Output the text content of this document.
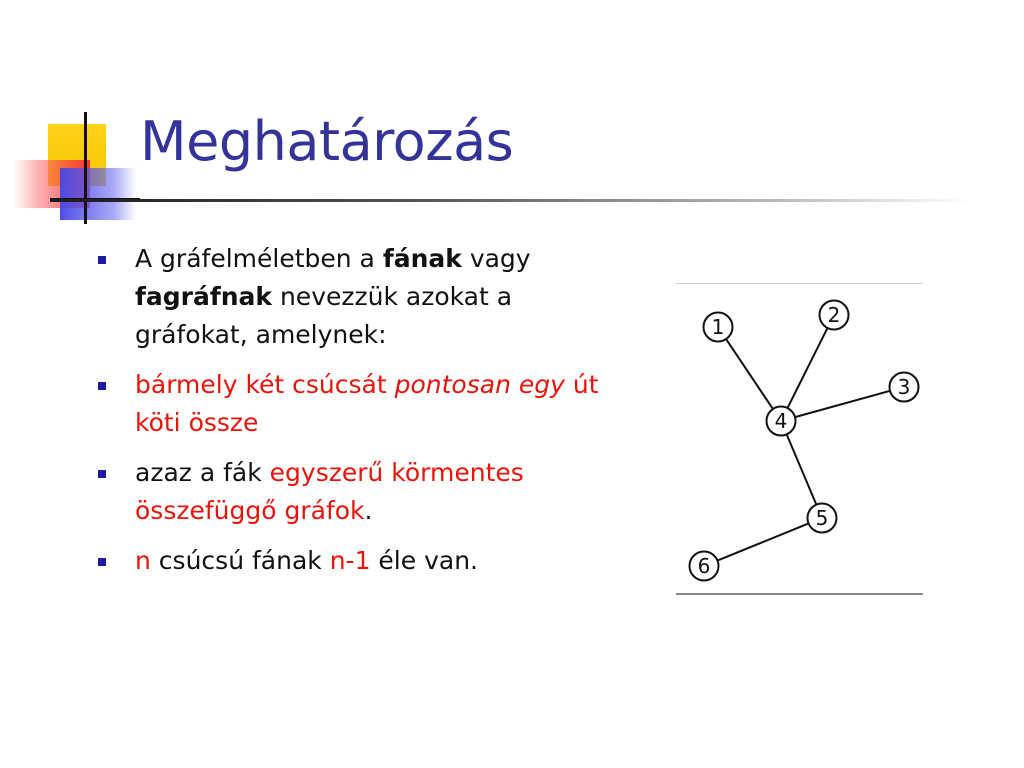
Meghatározás
A gráfelméletben a fának vagy fagráfnak nevezzük azokat a gráfokat, amelynek:
bármely két csúcsát pontosan egy út köti össze
azaz a fák egyszerű körmentes összefüggő gráfok.
n csúcsú fának n-1 éle van.
1	2
3
4
5
6
